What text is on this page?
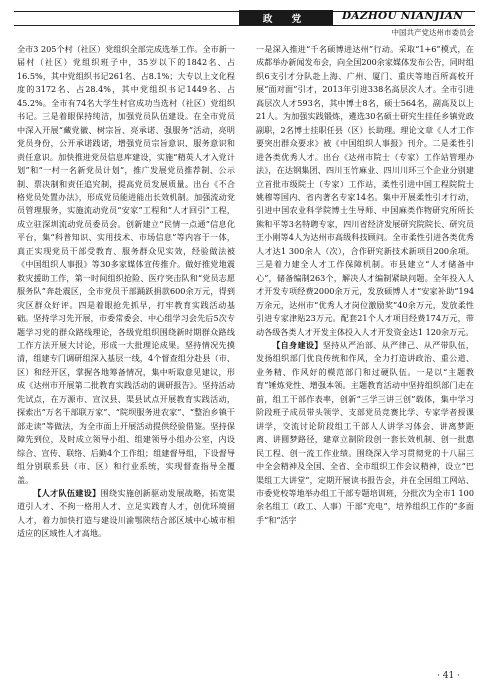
政 党	DAZHOU NIANJIAN
中国共产党达州市委员会

全市3 205个村（社区）党组织全部完成选举工作。全市新一届村（社区）党组织班子中，35岁以下的1842名、占16.5%，其中党组织书记261名、占8.1%；大专以上文化程度的3172名、占28.4%，其中党组织书记1449名、占45.2%。全市有74名大学生村官成功当选村（社区）党组织书记。三是着眼保持纯洁，加强党员队伍建设。在全市党员中深入开展“藏党徽、树宗旨、亮承诺、强服务”活动，亮明党员身份，公开承诺践诺，增强党员宗旨意识、服务意识和责任意识。加快推进党员信息库建设，实施“精英人才入党计划”和“一村一名新党员计划”，推广发展党员推荐制、公示制、票决制和责任追究制，提高党员发展质量。出台《不合格党员处置办法》，形成党员能进能出长效机制。加强流动党员管理服务，实施流动党员“安家”工程和“人才回引”工程，成立驻深圳流动党员委员会。创新建立“民情一点通”信息化平台，集“科普知识、实用技术、市场信息”等内容于一体，真正实现党员干部受教育、服务群众见实效，经验做法被《中国组织人事报》等30多家媒体宣传推介。做好推党地震救灾援助工作，第一时间组织抢险、医疗突击队和“党员志愿服务队”奔赴震区，全市党员干部踊跃捐款600余万元，得到灾区群众好评。四是着眼抢先抓早，打牢教育实践活动基础。坚持学习先开展，市委常委会、中心组学习会先后5次专题学习党的群众路线理论，各级党组织围绕新时期群众路线工作方法开展大讨论，形成一大批理论成果。坚持情况先摸清，组建专门调研组深入基层一线，4个督查组分赴县（市、区）和经开区，掌握各地筹备情况，集中听取意见建议，形成《达州市开展第二批教育实践活动的调研报告》。坚持活动先试点，在万源市、宣汉县、渠县试点开展教育实践活动，探索出“万名干部联万家”、“院坝服务进农家”、“整治乡镇干部走读”等做法，为全市面上开展活动提供经验借鉴。坚持保障先到位，及时成立领导小组、组建领导小组办公室，内设综合、宣传、联络、后勤4个工作组；组建督导组，下设督导组分别联系县（市、区）和行业系统，实现督查指导全覆盖。

【人才队伍建设】围绕实施创新驱动发展战略，拓宽渠道引人才、不拘一格用人才、立足实践育人才，创优环境留人才，着力加快打造与建设川渝鄂陕结合部区域中心城市相适应的区域性人才高地。

一是深入推进“千名硕博进达州”行动。采取“1+6”模式，在成都举办新闻发布会，向全国200余家媒体发布公告，同时组织6支引才分队赴上海、广州、厦门、重庆等地百所高校开展“面对面”引才，2013年引进338名高层次人才。全市引进高层次人才593名，其中博士8名，硕士564名，副高及以上21人。为加强实践锻炼，遴选30名硕士研究生挂任乡镇党政副职，2名博士挂职任县（区）长助理。理论文章《人才工作要突出群众要求》被《中国组织人事报》刊介。二是柔性引进各类优秀人才。出台《达州市院士（专家）工作站管理办法》，在达钢集团、四川玉竹麻业、四川川环三个企业分别建立首批市级院士（专家）工作站，柔性引进中国工程院院士姚穆等国内、省内著名专家14名。集中开展柔性引才行动，引进中国农业科学院博士生导师、中国麻类作物研究所所长熊和平等3名特聘专家，四川省经济发展研究院院长、研究员王小刚等4人为达州市高级科技顾问。全市柔性引进各类优秀人才达1 300余人（次），合作研究新技术新项目200余项。三是着力建全人才工作保障机制。市县建立“人才储备中心”，储备编制263个，解决人才编制紧缺问题。全年投入人才开发专项经费2000余万元，发放硕博人才“安家补助”194万余元，达州市“优秀人才岗位激励奖”40余万元，发放柔性引进专家津贴23万元。配套21个人才项目经费174万元，带动各级各类人才开发主体投入人才开发资金达1 120余万元。

【自身建设】坚持从严治部、从严律己、从严带队伍，发扬组织部门优良传统和作风，全力打造讲政治、重公道、业务精、作风好的模范部门和过硬队伍。一是以“主题教育”锤炼党性、增强本领。主题教育活动中坚持组织部门走在前，组工干部作表率，创新“三学三讲三创”载体，集中学习阶段班子成员带头领学、支部党员竞赛比学、专家学者授课讲学，交流讨论阶段组工干部人人讲学习体会、讲离梦距离、讲圆梦路径，建章立制阶段创一套长效机制、创一批惠民工程、创一流工作业绩。围绕深入学习贯彻党的十八届三中全会精神及全国、全省、全市组织工作会议精神，设立“巴渠组工大讲堂”，定期开展读书报告会，并在全国组工网站、市委党校等地举办组工干部专题培训班，分批次为全市1 100余名组工（政工、人事）干部“充电”，培养组织工作的“多面手”和“活字

· 41 ·
